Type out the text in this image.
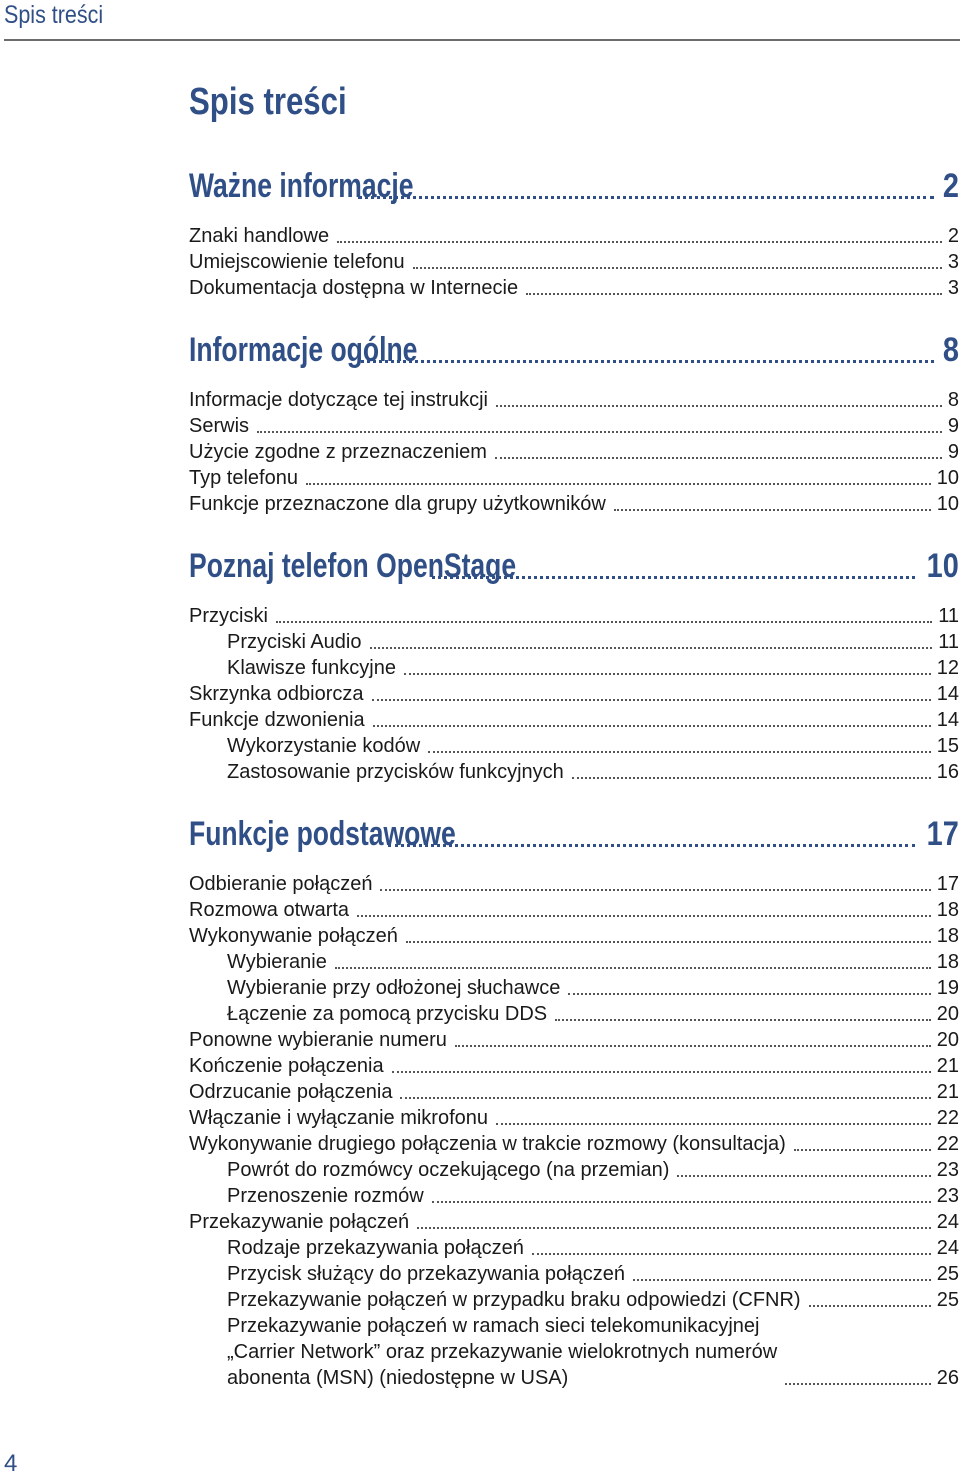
Spis treści
Spis treści
Ważne informacje	2
Znaki handlowe	2
Umiejscowienie telefonu	3
Dokumentacja dostępna w Internecie	3
Informacje ogólne	8
Informacje dotyczące tej instrukcji	8
Serwis	9
Użycie zgodne z przeznaczeniem	9
Typ telefonu	10
Funkcje przeznaczone dla grupy użytkowników	10
Poznaj telefon OpenStage	10
Przyciski	11
Przyciski Audio	11
Klawisze funkcyjne	12
Skrzynka odbiorcza	14
Funkcje dzwonienia	14
Wykorzystanie kodów	15
Zastosowanie przycisków funkcyjnych	16
Funkcje podstawowe	17
Odbieranie połączeń	17
Rozmowa otwarta	18
Wykonywanie połączeń	18
Wybieranie	18
Wybieranie przy odłożonej słuchawce	19
Łączenie za pomocą przycisku DDS	20
Ponowne wybieranie numeru	20
Kończenie połączenia	21
Odrzucanie połączenia	21
Włączanie i wyłączanie mikrofonu	22
Wykonywanie drugiego połączenia w trakcie rozmowy (konsultacja)	22
Powrót do rozmówcy oczekującego (na przemian)	23
Przenoszenie rozmów	23
Przekazywanie połączeń	24
Rodzaje przekazywania połączeń	24
Przycisk służący do przekazywania połączeń	25
Przekazywanie połączeń w przypadku braku odpowiedzi (CFNR)	25
Przekazywanie połączeń w ramach sieci telekomunikacyjnej
„Carrier Network” oraz przekazywanie wielokrotnych numerów
abonenta (MSN) (niedostępne w USA)	26
4
